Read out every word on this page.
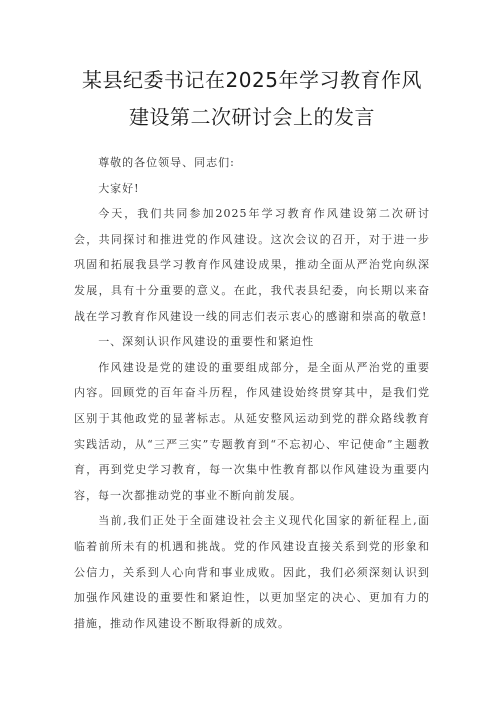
某县纪委书记在2025年学习教育作风
建设第二次研讨会上的发言

尊敬的各位领导、同志们:

大家好!

今天，我们共同参加2025年学习教育作风建设第二次研讨会，共同探讨和推进党的作风建设。这次会议的召开，对于进一步巩固和拓展我县学习教育作风建设成果，推动全面从严治党向纵深发展，具有十分重要的意义。在此，我代表县纪委，向长期以来奋战在学习教育作风建设一线的同志们表示衷心的感谢和崇高的敬意!

一、深刻认识作风建设的重要性和紧迫性

作风建设是党的建设的重要组成部分，是全面从严治党的重要内容。回顾党的百年奋斗历程，作风建设始终贯穿其中，是我们党区别于其他政党的显著标志。从延安整风运动到党的群众路线教育实践活动，从“三严三实”专题教育到“不忘初心、牢记使命”主题教育，再到党史学习教育，每一次集中性教育都以作风建设为重要内容，每一次都推动党的事业不断向前发展。

当前,我们正处于全面建设社会主义现代化国家的新征程上,面临着前所未有的机遇和挑战。党的作风建设直接关系到党的形象和公信力，关系到人心向背和事业成败。因此，我们必须深刻认识到加强作风建设的重要性和紧迫性，以更加坚定的决心、更加有力的措施，推动作风建设不断取得新的成效。
